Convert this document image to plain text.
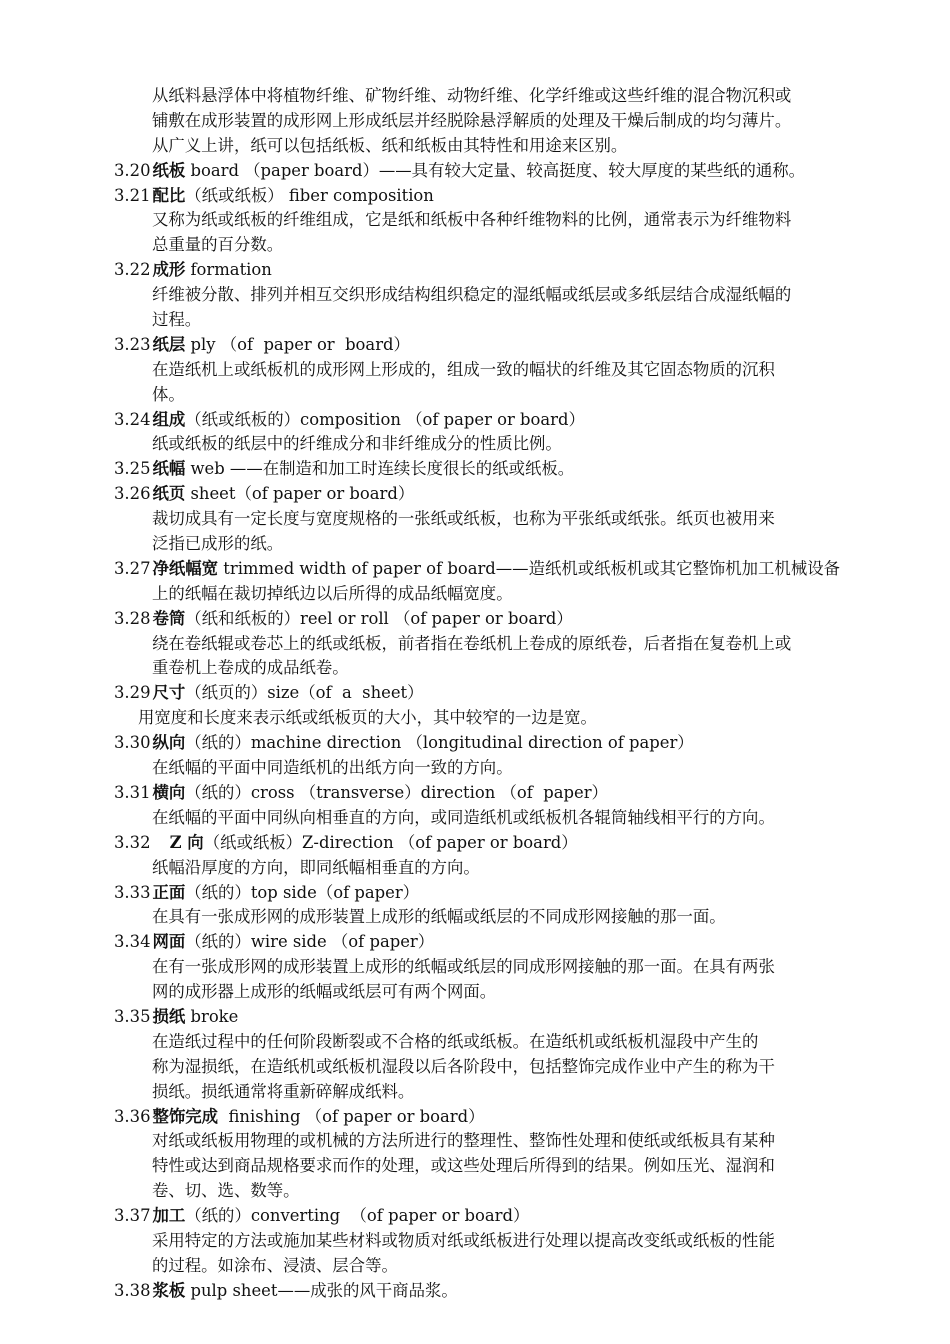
从纸料悬浮体中将植物纤维、矿物纤维、动物纤维、化学纤维或这些纤维的混合物沉积或
铺敷在成形装置的成形网上形成纸层并经脱除悬浮解质的处理及干燥后制成的均匀薄片。
从广义上讲，纸可以包括纸板、纸和纸板由其特性和用途来区别。
3.20 纸板 board （paper board）——具有较大定量、较高挺度、较大厚度的某些纸的通称。
3.21 配比（纸或纸板） fiber composition
又称为纸或纸板的纤维组成，它是纸和纸板中各种纤维物料的比例，通常表示为纤维物料
总重量的百分数。
3.22 成形 formation
纤维被分散、排列并相互交织形成结构组织稳定的湿纸幅或纸层或多纸层结合成湿纸幅的
过程。
3.23 纸层 ply （of  paper or  board）
在造纸机上或纸板机的成形网上形成的，组成一致的幅状的纤维及其它固态物质的沉积
体。
3.24 组成（纸或纸板的）composition （of paper or board）
纸或纸板的纸层中的纤维成分和非纤维成分的性质比例。
3.25 纸幅 web ——在制造和加工时连续长度很长的纸或纸板。
3.26 纸页 sheet（of paper or board）
裁切成具有一定长度与宽度规格的一张纸或纸板，也称为平张纸或纸张。纸页也被用来
泛指已成形的纸。
3.27 净纸幅宽 trimmed width of paper of board——造纸机或纸板机或其它整饰机加工机械设备
上的纸幅在裁切掉纸边以后所得的成品纸幅宽度。
3.28 卷筒（纸和纸板的）reel or roll （of paper or board）
绕在卷纸辊或卷芯上的纸或纸板，前者指在卷纸机上卷成的原纸卷，后者指在复卷机上或
重卷机上卷成的成品纸卷。
3.29 尺寸（纸页的）size（of  a  sheet）
用宽度和长度来表示纸或纸板页的大小，其中较窄的一边是宽。
3.30 纵向（纸的）machine direction （longitudinal direction of paper）
在纸幅的平面中同造纸机的出纸方向一致的方向。
3.31 横向（纸的）cross （transverse）direction （of  paper）
在纸幅的平面中同纵向相垂直的方向，或同造纸机或纸板机各辊筒轴线相平行的方向。
3.32   Z 向（纸或纸板）Z-direction （of paper or board）
纸幅沿厚度的方向，即同纸幅相垂直的方向。
3.33 正面（纸的）top side（of paper）
在具有一张成形网的成形装置上成形的纸幅或纸层的不同成形网接触的那一面。
3.34 网面（纸的）wire side （of paper）
在有一张成形网的成形装置上成形的纸幅或纸层的同成形网接触的那一面。在具有两张
网的成形器上成形的纸幅或纸层可有两个网面。
3.35 损纸 broke
在造纸过程中的任何阶段断裂或不合格的纸或纸板。在造纸机或纸板机湿段中产生的
称为湿损纸，在造纸机或纸板机湿段以后各阶段中，包括整饰完成作业中产生的称为干
损纸。损纸通常将重新碎解成纸料。
3.36 整饰完成  finishing （of paper or board）
对纸或纸板用物理的或机械的方法所进行的整理性、整饰性处理和使纸或纸板具有某种
特性或达到商品规格要求而作的处理，或这些处理后所得到的结果。例如压光、湿润和
卷、切、选、数等。
3.37 加工（纸的）converting  （of paper or board）
采用特定的方法或施加某些材料或物质对纸或纸板进行处理以提高改变纸或纸板的性能
的过程。如涂布、浸渍、层合等。
3.38 浆板 pulp sheet——成张的风干商品浆。
